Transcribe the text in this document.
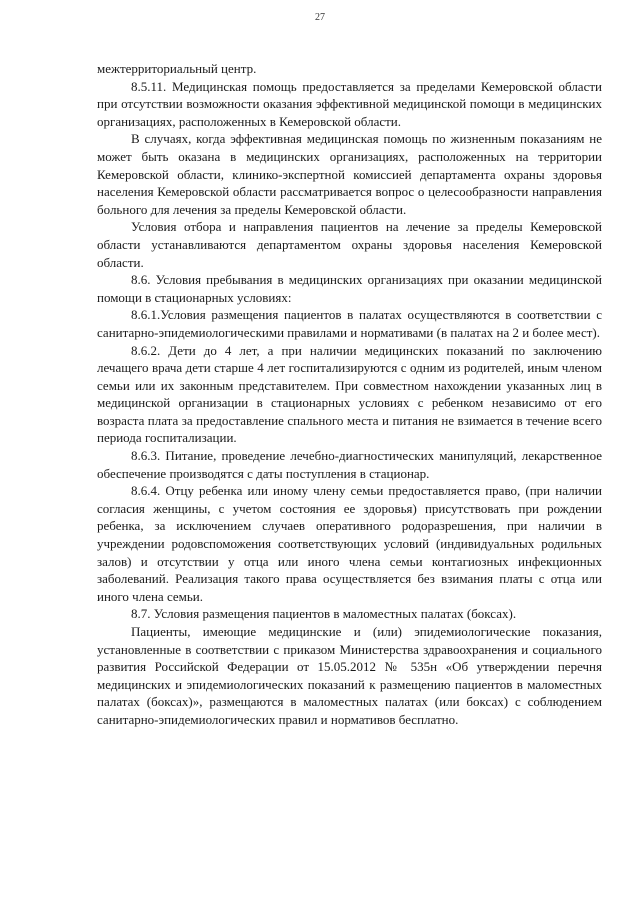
27

межтерриториальный центр.

8.5.11. Медицинская помощь предоставляется за пределами Кемеровской области при отсутствии возможности оказания эффективной медицинской помощи в медицинских организациях, расположенных в Кемеровской области.

В случаях, когда эффективная медицинская помощь по жизненным показаниям не может быть оказана в медицинских организациях, расположенных на территории Кемеровской области, клинико-экспертной комиссией департамента охраны здоровья населения Кемеровской области рассматривается вопрос о целесообразности направления больного для лечения за пределы Кемеровской области.

Условия отбора и направления пациентов на лечение за пределы Кемеровской области устанавливаются департаментом охраны здоровья населения Кемеровской области.

8.6. Условия пребывания в медицинских организациях при оказании медицинской помощи в стационарных условиях:

8.6.1.Условия размещения пациентов в палатах осуществляются в соответствии с санитарно-эпидемиологическими правилами и нормативами (в палатах на 2 и более мест).

8.6.2. Дети до 4 лет, а при наличии медицинских показаний по заключению лечащего врача дети старше 4 лет госпитализируются с одним из родителей, иным членом семьи или их законным представителем. При совместном нахождении указанных лиц в медицинской организации в стационарных условиях с ребенком независимо от его возраста плата за предоставление спального места и питания не взимается в течение всего периода госпитализации.

8.6.3. Питание, проведение лечебно-диагностических манипуляций, лекарственное обеспечение производятся с даты поступления в стационар.

8.6.4. Отцу ребенка или иному члену семьи предоставляется право, (при наличии согласия женщины, с учетом состояния ее здоровья) присутствовать при рождении ребенка, за исключением случаев оперативного родоразрешения, при наличии в учреждении родовспоможения соответствующих условий (индивидуальных родильных залов) и отсутствии у отца или иного члена семьи контагиозных инфекционных заболеваний. Реализация такого права осуществляется без взимания платы с отца или иного члена семьи.

8.7. Условия размещения пациентов в маломестных палатах (боксах).

Пациенты, имеющие медицинские и (или) эпидемиологические показания, установленные в соответствии с приказом Министерства здравоохранения и социального развития Российской Федерации от 15.05.2012 № 535н «Об утверждении перечня медицинских и эпидемиологических показаний к размещению пациентов в маломестных палатах (боксах)», размещаются в маломестных палатах (или боксах) с соблюдением санитарно-эпидемиологических правил и нормативов бесплатно.
